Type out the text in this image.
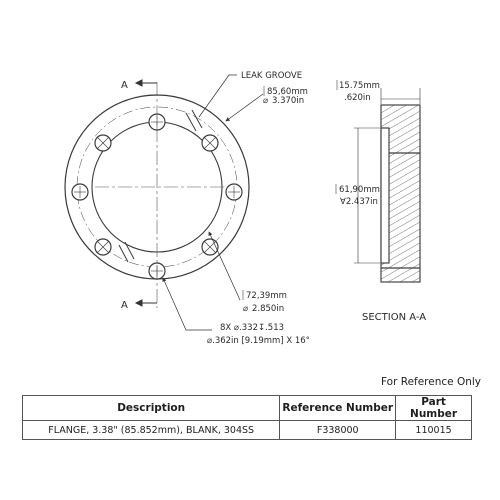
A
A
LEAK GROOVE
85,60mm
3.370in
⌀
72,39mm
⌀ 2.850in
8X ⌀.332↧.513
⌀.362in [9.19mm] X 16°
15.75mm
.620in
61,90mm
∀2.437in
SECTION A-A
For Reference Only
Description	Reference Number	Part Number
FLANGE, 3.38" (85.852mm), BLANK, 304SS	F338000	110015
